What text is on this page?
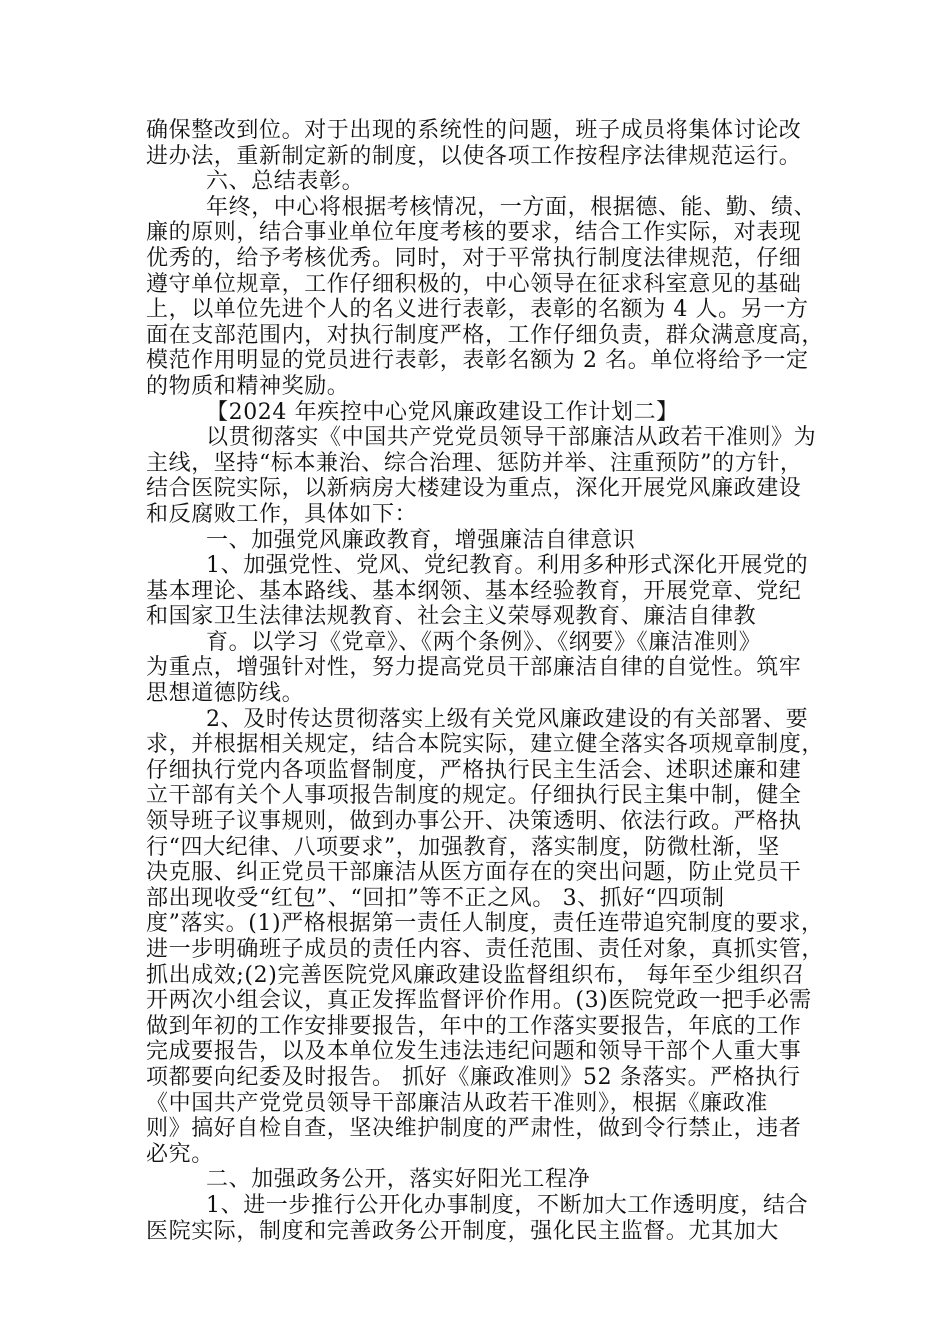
确保整改到位。对于出现的系统性的问题，班子成员将集体讨论改
进办法，重新制定新的制度，以使各项工作按程序法律规范运行。
六、总结表彰。
年终，中心将根据考核情况，一方面，根据德、能、勤、绩、
廉的原则，结合事业单位年度考核的要求，结合工作实际，对表现
优秀的，给予考核优秀。同时，对于平常执行制度法律规范，仔细
遵守单位规章，工作仔细积极的，中心领导在征求科室意见的基础
上，以单位先进个人的名义进行表彰，表彰的名额为 4 人。另一方
面在支部范围内，对执行制度严格，工作仔细负责，群众满意度高，
模范作用明显的党员进行表彰，表彰名额为 2 名。单位将给予一定
的物质和精神奖励。
【2024 年疾控中心党风廉政建设工作计划二】
以贯彻落实《中国共产党党员领导干部廉洁从政若干准则》为
主线，坚持“标本兼治、综合治理、惩防并举、注重预防”的方针，
结合医院实际，以新病房大楼建设为重点，深化开展党风廉政建设
和反腐败工作，具体如下：
一、加强党风廉政教育，增强廉洁自律意识
1、加强党性、党风、党纪教育。利用多种形式深化开展党的
基本理论、基本路线、基本纲领、基本经验教育，开展党章、党纪
和国家卫生法律法规教育、社会主义荣辱观教育、廉洁自律教
育。以学习《党章》、《两个条例》、《纲要》《廉洁准则》
为重点，增强针对性，努力提高党员干部廉洁自律的自觉性。筑牢
思想道德防线。
2、及时传达贯彻落实上级有关党风廉政建设的有关部署、要
求，并根据相关规定，结合本院实际，建立健全落实各项规章制度，
仔细执行党内各项监督制度，严格执行民主生活会、述职述廉和建
立干部有关个人事项报告制度的规定。仔细执行民主集中制，健全
领导班子议事规则，做到办事公开、决策透明、依法行政。严格执
行“四大纪律、八项要求”，加强教育，落实制度，防微杜渐，坚
决克服、纠正党员干部廉洁从医方面存在的突出问题，防止党员干
部出现收受“红包”、“回扣”等不正之风。 3、抓好“四项制
度”落实。(1)严格根据第一责任人制度，责任连带追究制度的要求，
进一步明确班子成员的责任内容、责任范围、责任对象，真抓实管，
抓出成效;(2)完善医院党风廉政建设监督组织布， 每年至少组织召
开两次小组会议，真正发挥监督评价作用。(3)医院党政一把手必需
做到年初的工作安排要报告，年中的工作落实要报告，年底的工作
完成要报告，以及本单位发生违法违纪问题和领导干部个人重大事
项都要向纪委及时报告。 抓好《廉政准则》52 条落实。严格执行
《中国共产党党员领导干部廉洁从政若干准则》，根据《廉政准
则》搞好自检自查，坚决维护制度的严肃性，做到令行禁止，违者
必究。
二、加强政务公开，落实好阳光工程净
1、进一步推行公开化办事制度，不断加大工作透明度，结合
医院实际，制度和完善政务公开制度，强化民主监督。尤其加大
